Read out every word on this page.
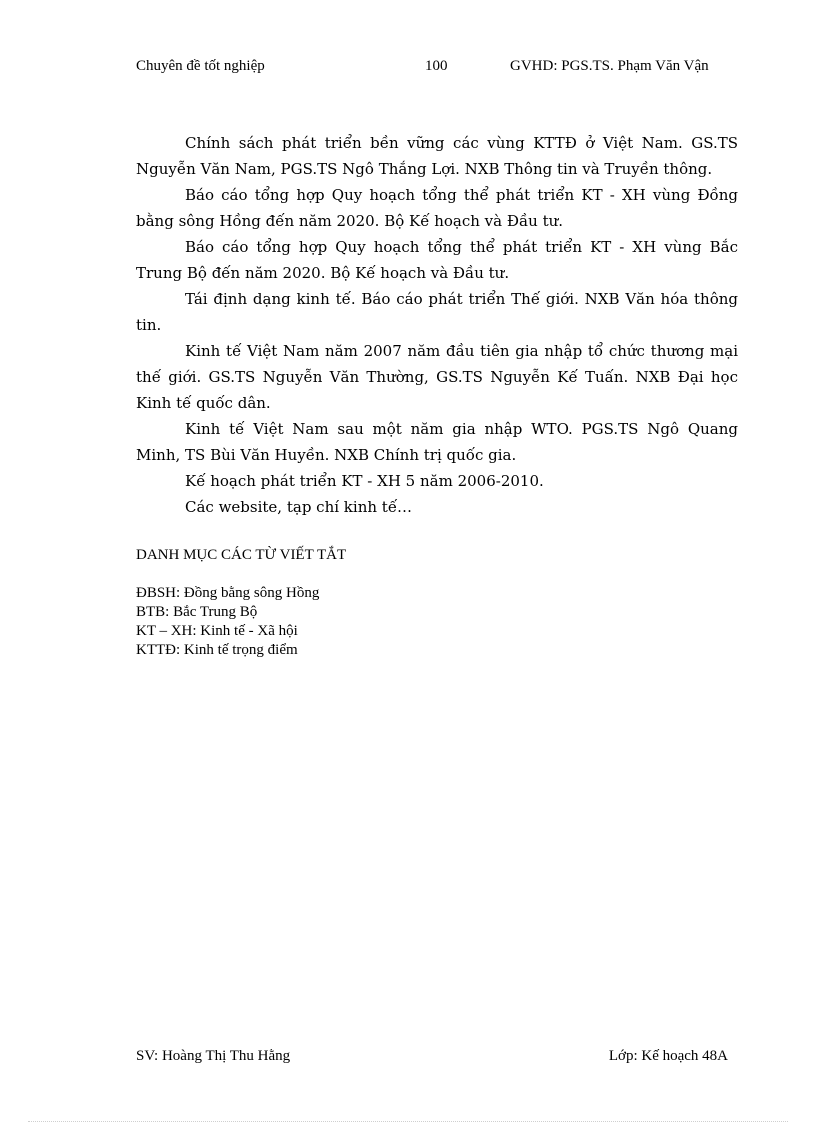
Chuyên đề tốt nghiệp	100	GVHD: PGS.TS. Phạm Văn Vận

Chính sách phát triển bền vững các vùng KTTĐ ở Việt Nam. GS.TS Nguyễn Văn Nam, PGS.TS Ngô Thắng Lợi. NXB Thông tin và Truyền thông.

Báo cáo tổng hợp Quy hoạch tổng thể phát triển KT - XH vùng Đồng bằng sông Hồng đến năm 2020. Bộ Kế hoạch và Đầu tư.

Báo cáo tổng hợp Quy hoạch tổng thể phát triển KT - XH vùng Bắc Trung Bộ đến năm 2020. Bộ Kế hoạch và Đầu tư.

Tái định dạng kinh tế. Báo cáo phát triển Thế giới. NXB Văn hóa thông tin.

Kinh tế Việt Nam năm 2007 năm đầu tiên gia nhập tổ chức thương mại thế giới. GS.TS Nguyễn Văn Thường, GS.TS Nguyễn Kế Tuấn. NXB Đại học Kinh tế quốc dân.

Kinh tế Việt Nam sau một năm gia nhập WTO. PGS.TS Ngô Quang Minh, TS Bùi Văn Huyền. NXB Chính trị quốc gia.

Kế hoạch phát triển KT - XH 5 năm 2006-2010.

Các website, tạp chí kinh tế…

DANH MỤC CÁC TỪ VIẾT TẮT
ĐBSH: Đồng bằng sông Hồng
BTB: Bắc Trung Bộ
KT – XH: Kinh tế - Xã hội
KTTĐ: Kinh tế trọng điểm
SV: Hoàng Thị Thu Hằng	Lớp: Kế hoạch 48A
